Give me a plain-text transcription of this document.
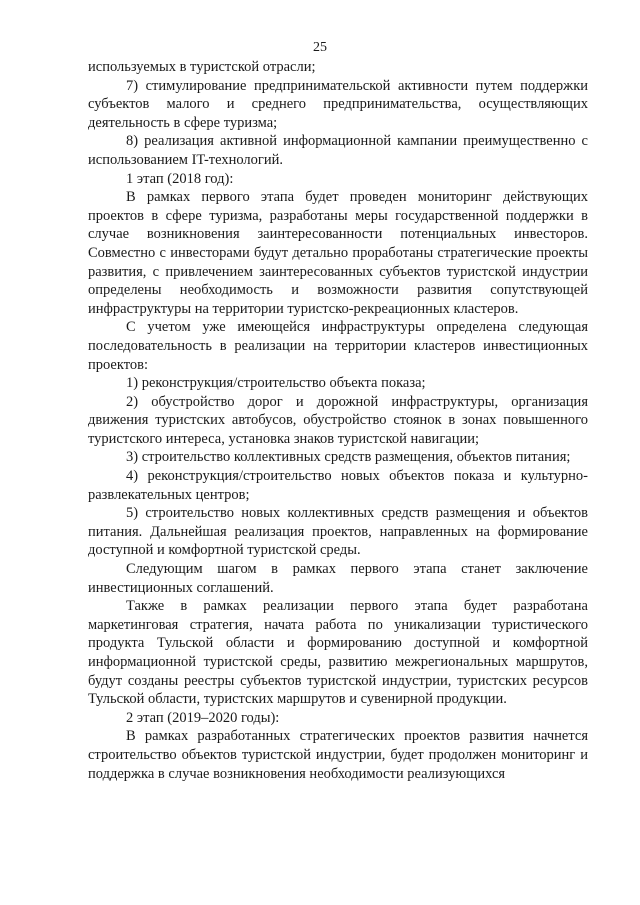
25

используемых в туристской отрасли;

7) стимулирование предпринимательской активности путем поддержки субъектов малого и среднего предпринимательства, осуществляющих деятельность в сфере туризма;

8) реализация активной информационной кампании преимущественно с использованием IT-технологий.

1 этап (2018 год):

В рамках первого этапа будет проведен мониторинг действующих проектов в сфере туризма, разработаны меры государственной поддержки в случае возникновения заинтересованности потенциальных инвесторов. Совместно с инвесторами будут детально проработаны стратегические проекты развития, с привлечением заинтересованных субъектов туристской индустрии определены необходимость и возможности развития сопутствующей инфраструктуры на территории туристско-рекреационных кластеров.

С учетом уже имеющейся инфраструктуры определена следующая последовательность в реализации на территории кластеров инвестиционных проектов:

1) реконструкция/строительство объекта показа;

2) обустройство дорог и дорожной инфраструктуры, организация движения туристских автобусов, обустройство стоянок в зонах повышенного туристского интереса, установка знаков туристской навигации;

3) строительство коллективных средств размещения, объектов питания;

4) реконструкция/строительство новых объектов показа и культурно-развлекательных центров;

5) строительство новых коллективных средств размещения и объектов питания. Дальнейшая реализация проектов, направленных на формирование доступной и комфортной туристской среды.

Следующим шагом в рамках первого этапа станет заключение инвестиционных соглашений.

Также в рамках реализации первого этапа будет разработана маркетинговая стратегия, начата работа по уникализации туристического продукта Тульской области и формированию доступной и комфортной информационной туристской среды, развитию межрегиональных маршрутов, будут созданы реестры субъектов туристской индустрии, туристских ресурсов Тульской области, туристских маршрутов и сувенирной продукции.

2 этап (2019–2020 годы):

В рамках разработанных стратегических проектов развития начнется строительство объектов туристской индустрии, будет продолжен мониторинг и поддержка в случае возникновения необходимости реализующихся
